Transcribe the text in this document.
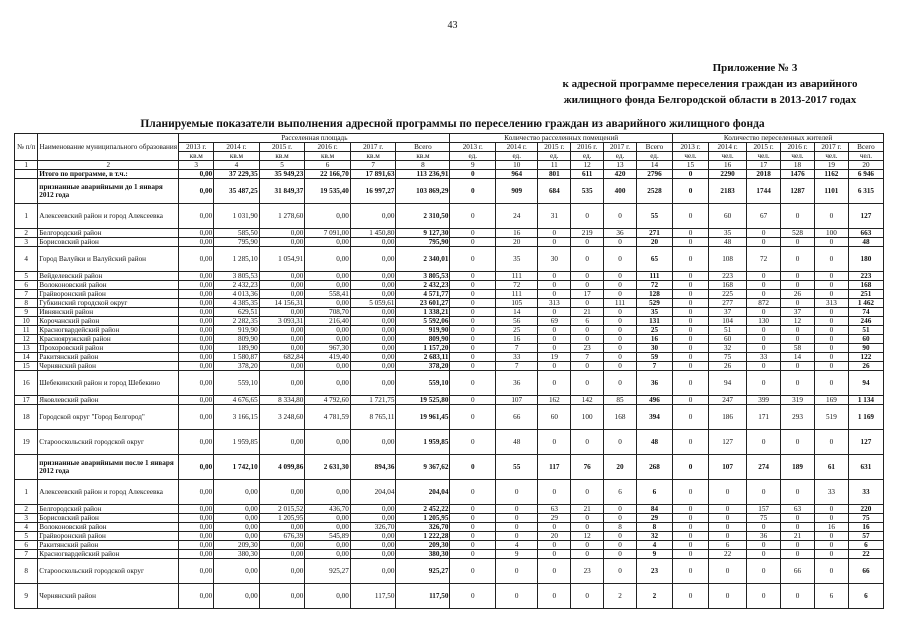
43
Приложение № 3
к адресной программе переселения граждан из аварийного
жилищного фонда Белгородской области в 2013-2017 годах
Планируемые показатели выполнения адресной программы по переселению граждан из аварийного жилищного фонда
№ п/п	Наименование муниципального образования	Расселенная площадь						Количество расселенных помещений						Количество переселенных жителей					
		2013 г.	2014 г.	2015 г.	2016 г.	2017 г.	Всего	2013 г.	2014 г.	2015 г.	2016 г.	2017 г.	Всего	2013 г.	2014 г.	2015 г.	2016 г.	2017 г.	Всего
		кв.м	кв.м	кв.м	кв.м	кв.м	кв.м	ед.	ед.	ед.	ед.	ед.	ед.	чел.	чел.	чел.	чел.	чел.	чел.
1	2	3	4	5	6	7	8	9	10	11	12	13	14	15	16	17	18	19	20
	Итого по программе, в т.ч.:	0,00	37 229,35	35 949,23	22 166,70	17 891,63	113 236,91	0	964	801	611	420	2796	0	2290	2018	1476	1162	6 946
	признанные аварийными до 1 января 2012 года	0,00	35 487,25	31 849,37	19 535,40	16 997,27	103 869,29	0	909	684	535	400	2528	0	2183	1744	1287	1101	6 315
1	Алексеевский район и город Алексеевка	0,00	1 031,90	1 278,60	0,00	0,00	2 310,50	0	24	31	0	0	55	0	60	67	0	0	127
2	Белгородский район	0,00	585,50	0,00	7 091,00	1 450,80	9 127,30	0	16	0	219	36	271	0	35	0	528	100	663
3	Борисовский район	0,00	795,90	0,00	0,00	0,00	795,90	0	20	0	0	0	20	0	48	0	0	0	48
4	Город Валуйки и Валуйский район	0,00	1 285,10	1 054,91	0,00	0,00	2 340,01	0	35	30	0	0	65	0	108	72	0	0	180
5	Вейделевский район	0,00	3 805,53	0,00	0,00	0,00	3 805,53	0	111	0	0	0	111	0	223	0	0	0	223
6	Волоконовский район	0,00	2 432,23	0,00	0,00	0,00	2 432,23	0	72	0	0	0	72	0	168	0	0	0	168
7	Грайворонский район	0,00	4 013,36	0,00	558,41	0,00	4 571,77	0	111	0	17	0	128	0	225	0	26	0	251
8	Губкинский городской округ	0,00	4 385,35	14 156,31	0,00	5 059,61	23 601,27	0	105	313	0	111	529	0	277	872	0	313	1 462
9	Ивнянский район	0,00	629,51	0,00	708,70	0,00	1 338,21	0	14	0	21	0	35	0	37	0	37	0	74
10	Корочанский район	0,00	2 282,35	3 093,31	216,40	0,00	5 592,06	0	56	69	6	0	131	0	104	130	12	0	246
11	Красногвардейский район	0,00	919,90	0,00	0,00	0,00	919,90	0	25	0	0	0	25	0	51	0	0	0	51
12	Краснояружский район	0,00	809,90	0,00	0,00	0,00	809,90	0	16	0	0	0	16	0	60	0	0	0	60
13	Прохоровский район	0,00	189,90	0,00	967,30	0,00	1 157,20	0	7	0	23	0	30	0	32	0	58	0	90
14	Ракитянский район	0,00	1 580,87	682,84	419,40	0,00	2 683,11	0	33	19	7	0	59	0	75	33	14	0	122
15	Чернянский район	0,00	378,20	0,00	0,00	0,00	378,20	0	7	0	0	0	7	0	26	0	0	0	26
16	Шебекинский район и город Шебекино	0,00	559,10	0,00	0,00	0,00	559,10	0	36	0	0	0	36	0	94	0	0	0	94
17	Яковлевский район	0,00	4 676,65	8 334,80	4 792,60	1 721,75	19 525,80	0	107	162	142	85	496	0	247	399	319	169	1 134
18	Городской округ "Город Белгород"	0,00	3 166,15	3 248,60	4 781,59	8 765,11	19 961,45	0	66	60	100	168	394	0	186	171	293	519	1 169
19	Старооскольский городской округ	0,00	1 959,85	0,00	0,00	0,00	1 959,85	0	48	0	0	0	48	0	127	0	0	0	127
	признанные аварийными после 1 января 2012 года	0,00	1 742,10	4 099,86	2 631,30	894,36	9 367,62	0	55	117	76	20	268	0	107	274	189	61	631
1	Алексеевский район и город Алексеевка	0,00	0,00	0,00	0,00	204,04	204,04	0	0	0	0	6	6	0	0	0	0	33	33
2	Белгородский район	0,00	0,00	2 015,52	436,70	0,00	2 452,22	0	0	63	21	0	84	0	0	157	63	0	220
3	Борисовский район	0,00	0,00	1 205,95	0,00	0,00	1 205,95	0	0	29	0	0	29	0	0	75	0	0	75
4	Волоконовский район	0,00	0,00	0,00	0,00	326,70	326,70	0	0	0	0	8	8	0	0	0	0	16	16
5	Грайворонский район	0,00	0,00	676,39	545,89	0,00	1 222,28	0	0	20	12	0	32	0	0	36	21	0	57
6	Ракитянский район	0,00	209,30	0,00	0,00	0,00	209,30	0	4	0	0	0	4	0	6	0	0	0	6
7	Красногвардейский район	0,00	380,30	0,00	0,00	0,00	380,30	0	9	0	0	0	9	0	22	0	0	0	22
8	Старооскольский городской округ	0,00	0,00	0,00	925,27	0,00	925,27	0	0	0	23	0	23	0	0	0	66	0	66
9	Чернянский район	0,00	0,00	0,00	0,00	117,50	117,50	0	0	0	0	2	2	0	0	0	0	6	6
